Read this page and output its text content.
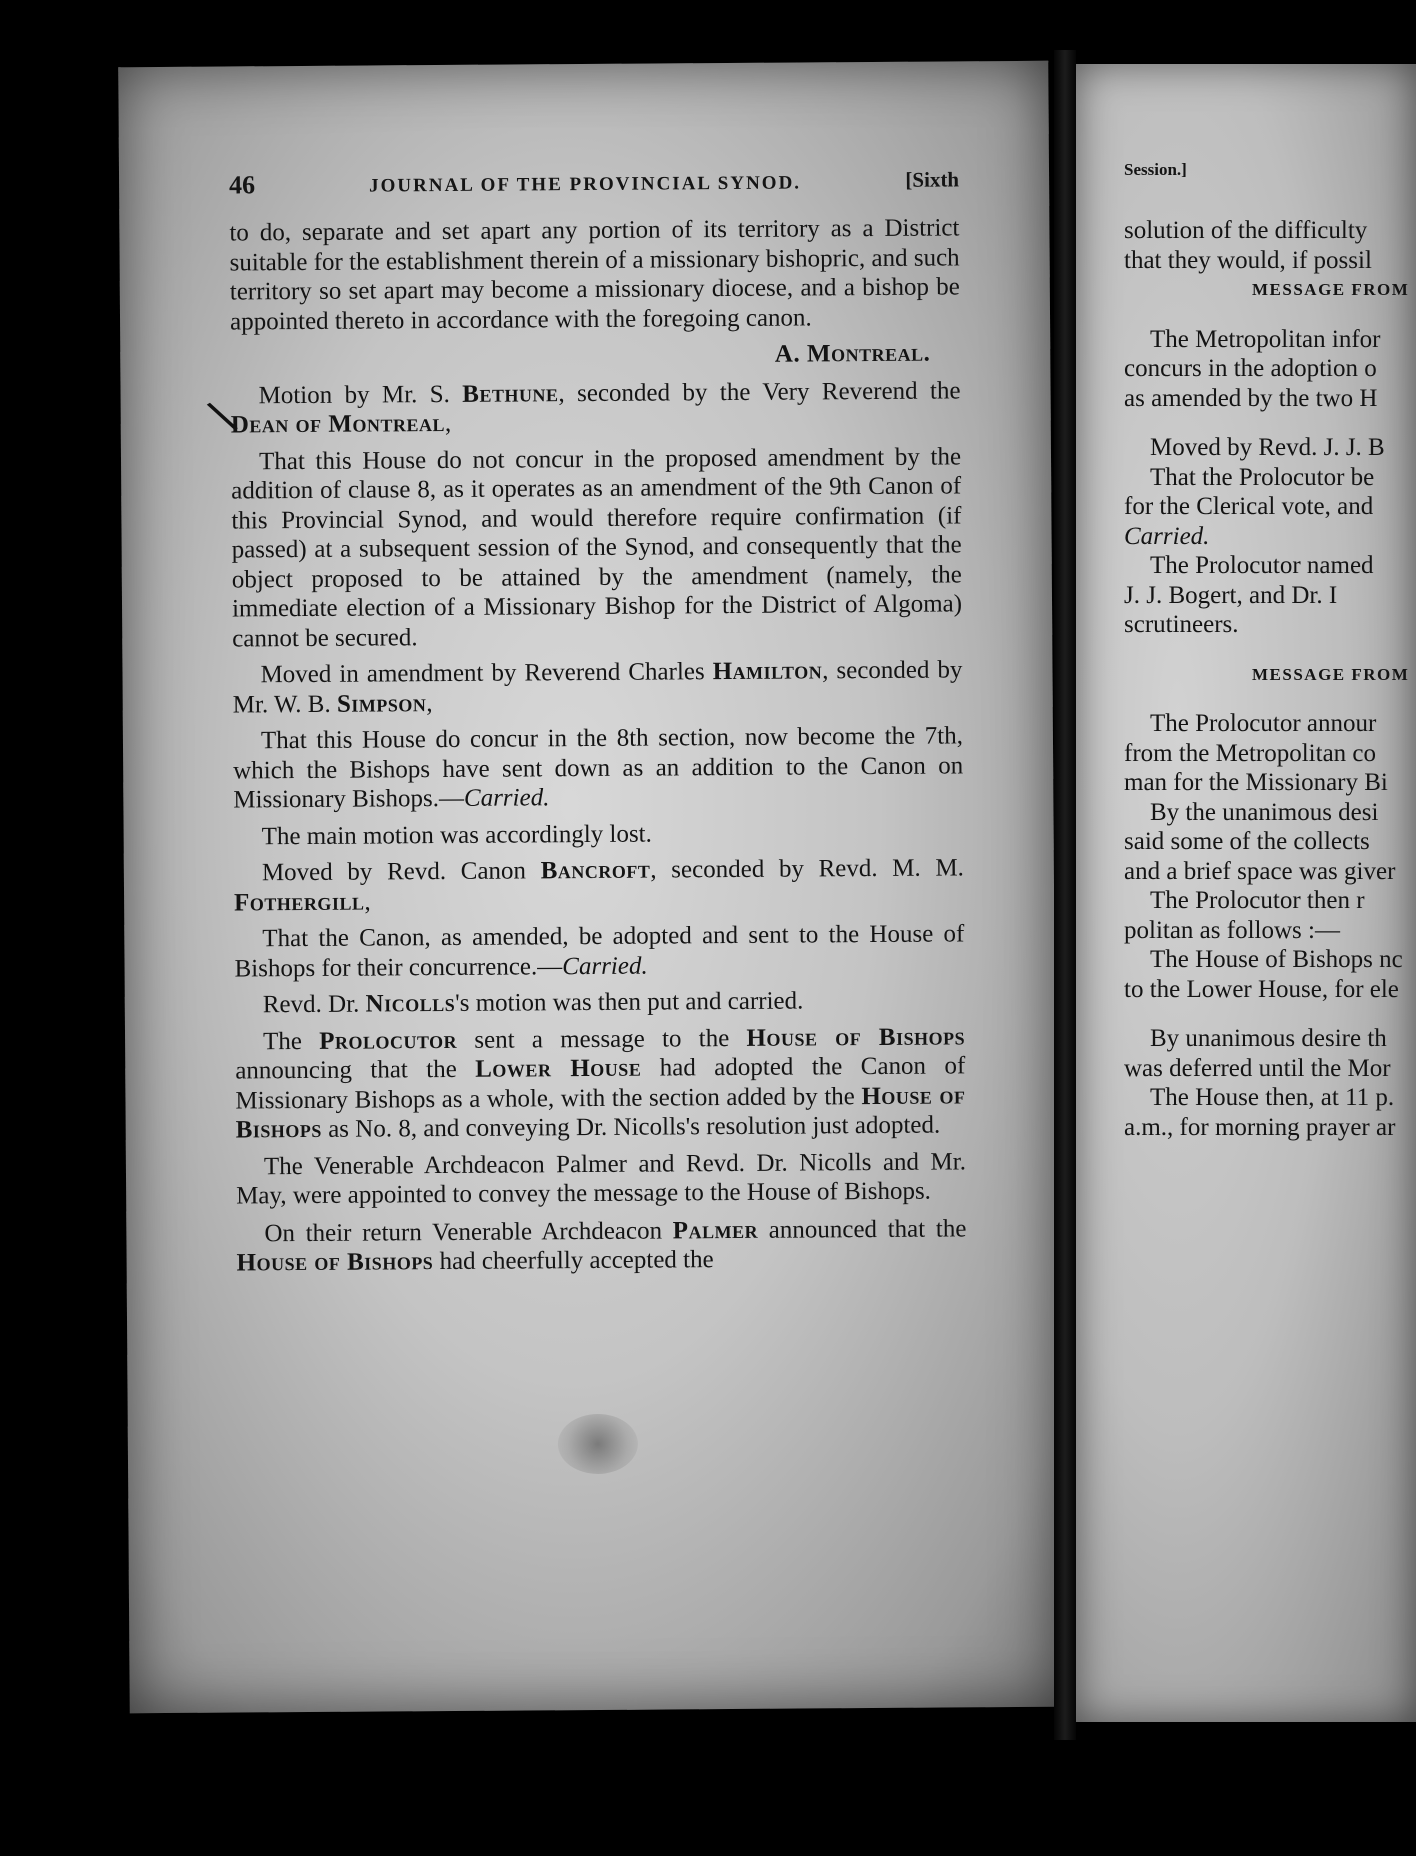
46	JOURNAL OF THE PROVINCIAL SYNOD.	[Sixth
\

to do, separate and set apart any portion of its territory as a District suitable for the establishment therein of a missionary bishopric, and such territory so set apart may become a missionary diocese, and a bishop be appointed thereto in accordance with the foregoing canon.

A. Montreal.

Motion by Mr. S. Bethune, seconded by the Very Reverend the Dean of Montreal,

That this House do not concur in the proposed amendment by the addition of clause 8, as it operates as an amendment of the 9th Canon of this Provincial Synod, and would therefore require confirmation (if passed) at a subsequent session of the Synod, and consequently that the object proposed to be attained by the amendment (namely, the immediate election of a Missionary Bishop for the District of Algoma) cannot be secured.

Moved in amendment by Reverend Charles Hamilton, seconded by Mr. W. B. Simpson,

That this House do concur in the 8th section, now become the 7th, which the Bishops have sent down as an addition to the Canon on Missionary Bishops.—Carried.

The main motion was accordingly lost.

Moved by Revd. Canon Bancroft, seconded by Revd. M. M. Fothergill,

That the Canon, as amended, be adopted and sent to the House of Bishops for their concurrence.—Carried.

Revd. Dr. Nicolls's motion was then put and carried.

The Prolocutor sent a message to the House of Bishops announcing that the Lower House had adopted the Canon of Missionary Bishops as a whole, with the section added by the House of Bishops as No. 8, and conveying Dr. Nicolls's resolution just adopted.

The Venerable Archdeacon Palmer and Revd. Dr. Nicolls and Mr. May, were appointed to convey the message to the House of Bishops.

On their return Venerable Archdeacon Palmer announced that the House of Bishops had cheerfully accepted the

Session.]
solution of the difficulty
that they would, if possil
MESSAGE FROM
The Metropolitan infor
concurs in the adoption o
as amended by the two H
Moved by Revd. J. J. B
That the Prolocutor be
for the Clerical vote, and
Carried.
The Prolocutor named
J. J. Bogert, and Dr. I
scrutineers.
MESSAGE FROM
The Prolocutor annour
from the Metropolitan co
man for the Missionary Bi
By the unanimous desi
said some of the collects
and a brief space was giver
The Prolocutor then r
politan as follows :—
The House of Bishops nc
to the Lower House, for ele
By unanimous desire th
was deferred until the Mor
The House then, at 11 p.
a.m., for morning prayer ar
